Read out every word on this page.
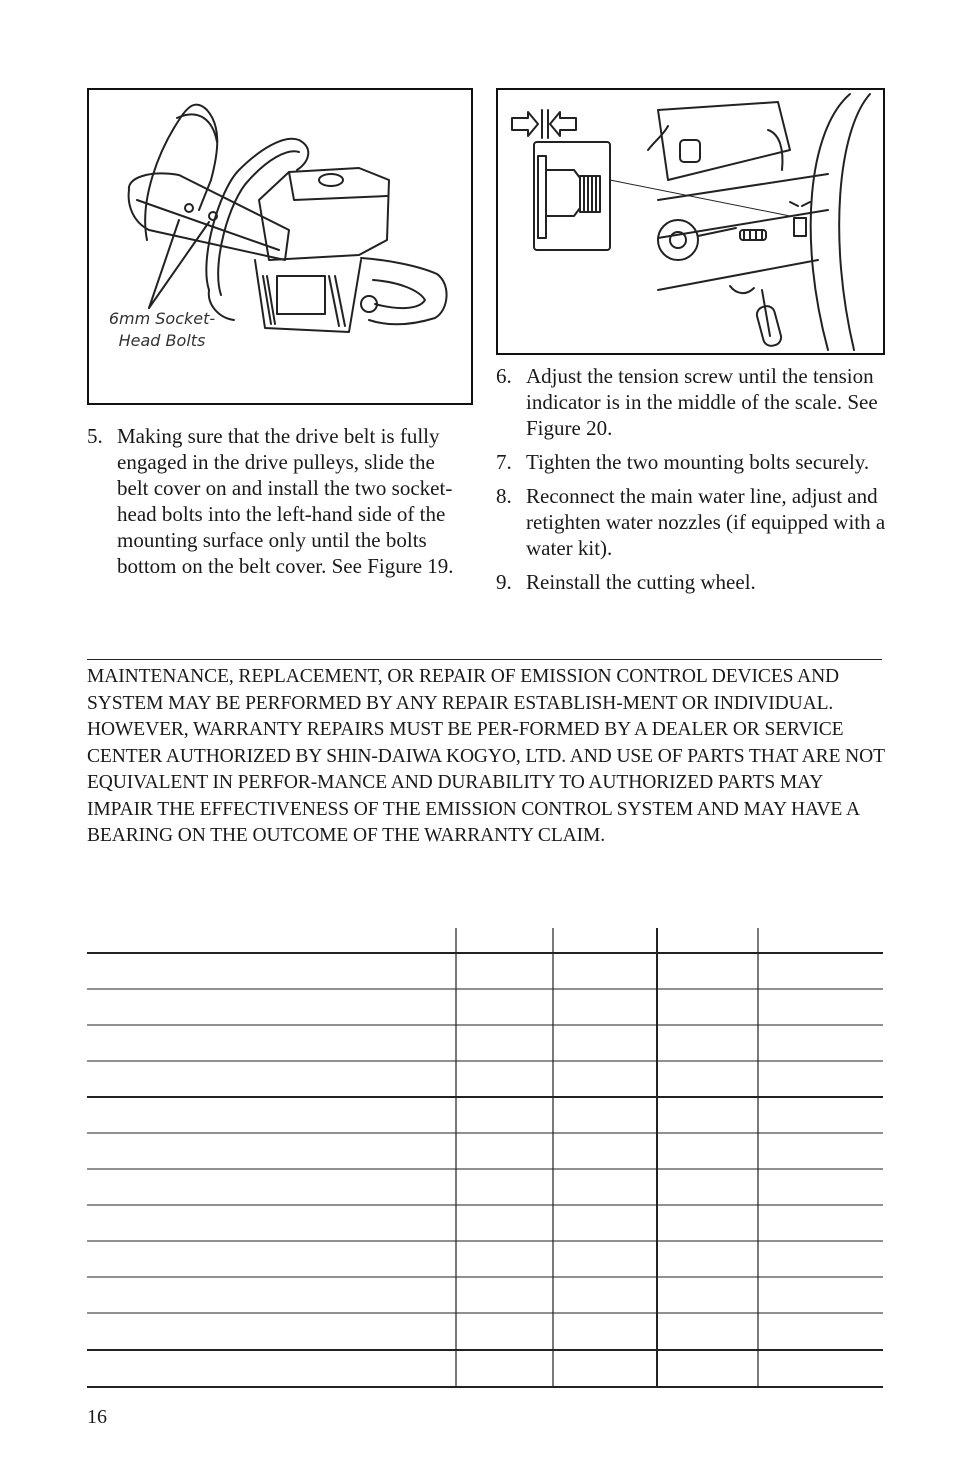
6mm Socket-
Head Bolts
5. Making sure that the drive belt is fully engaged in the drive pulleys, slide the belt cover on and install the two socket-head bolts into the left-hand side of the mounting surface only until the bolts bottom on the belt cover. See Figure 19.
6. Adjust the tension screw until the tension indicator is in the middle of the scale. See Figure 20.
7. Tighten the two mounting bolts securely.
8. Reconnect the main water line, adjust and retighten water nozzles (if equipped with a water kit).
9. Reinstall the cutting wheel.

MAINTENANCE, REPLACEMENT, OR REPAIR OF EMISSION CONTROL DEVICES AND SYSTEM MAY BE PERFORMED BY ANY REPAIR ESTABLISH-MENT OR INDIVIDUAL. HOWEVER, WARRANTY REPAIRS MUST BE PER-FORMED BY A DEALER OR SERVICE CENTER AUTHORIZED BY SHIN-DAIWA KOGYO, LTD. AND USE OF PARTS THAT ARE NOT EQUIVALENT IN PERFOR-MANCE AND DURABILITY TO AUTHORIZED PARTS MAY IMPAIR THE EFFECTIVENESS OF THE EMISSION CONTROL SYSTEM AND MAY HAVE A BEARING ON THE OUTCOME OF THE WARRANTY CLAIM.

16
